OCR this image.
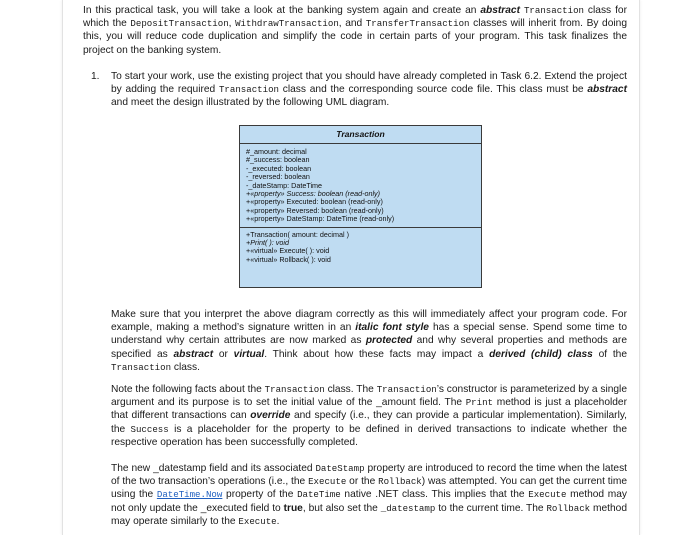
In this practical task, you will take a look at the banking system again and create an abstract Transaction class for which the DepositTransaction, WithdrawTransaction, and TransferTransaction classes will inherit from. By doing this, you will reduce code duplication and simplify the code in certain parts of your program. This task finalizes the project on the banking system.
1.	To start your work, use the existing project that you should have already completed in Task 6.2. Extend the project by adding the required Transaction class and the corresponding source code file. This class must be abstract and meet the design illustrated by the following UML diagram.
Transaction
#_amount: decimal
#_success: boolean
-_executed: boolean
-_reversed: boolean
-_dateStamp: DateTime
+«property» Success: boolean (read-only)
+«property» Executed: boolean (read-only)
+«property» Reversed: boolean (read-only)
+«property» DateStamp: DateTime (read-only)
+Transaction( amount: decimal )
+Print( ): void
+«virtual» Execute( ): void
+«virtual» Rollback( ): void
Make sure that you interpret the above diagram correctly as this will immediately affect your program code. For example, making a method’s signature written in an italic font style has a special sense. Spend some time to understand why certain attributes are now marked as protected and why several properties and methods are specified as abstract or virtual. Think about how these facts may impact a derived (child) class of the Transaction class.
Note the following facts about the Transaction class. The Transaction’s constructor is parameterized by a single argument and its purpose is to set the initial value of the _amount field. The Print method is just a placeholder that different transactions can override and specify (i.e., they can provide a particular implementation). Similarly, the Success is a placeholder for the property to be defined in derived transactions to indicate whether the respective operation has been successfully completed.
The new _datestamp field and its associated DateStamp property are introduced to record the time when the latest of the two transaction’s operations (i.e., the Execute or the Rollback) was attempted. You can get the current time using the DateTime.Now property of the DateTime native .NET class. This implies that the Execute method may not only update the _executed field to true, but also set the _datestamp to the current time. The Rollback method may operate similarly to the Execute.
